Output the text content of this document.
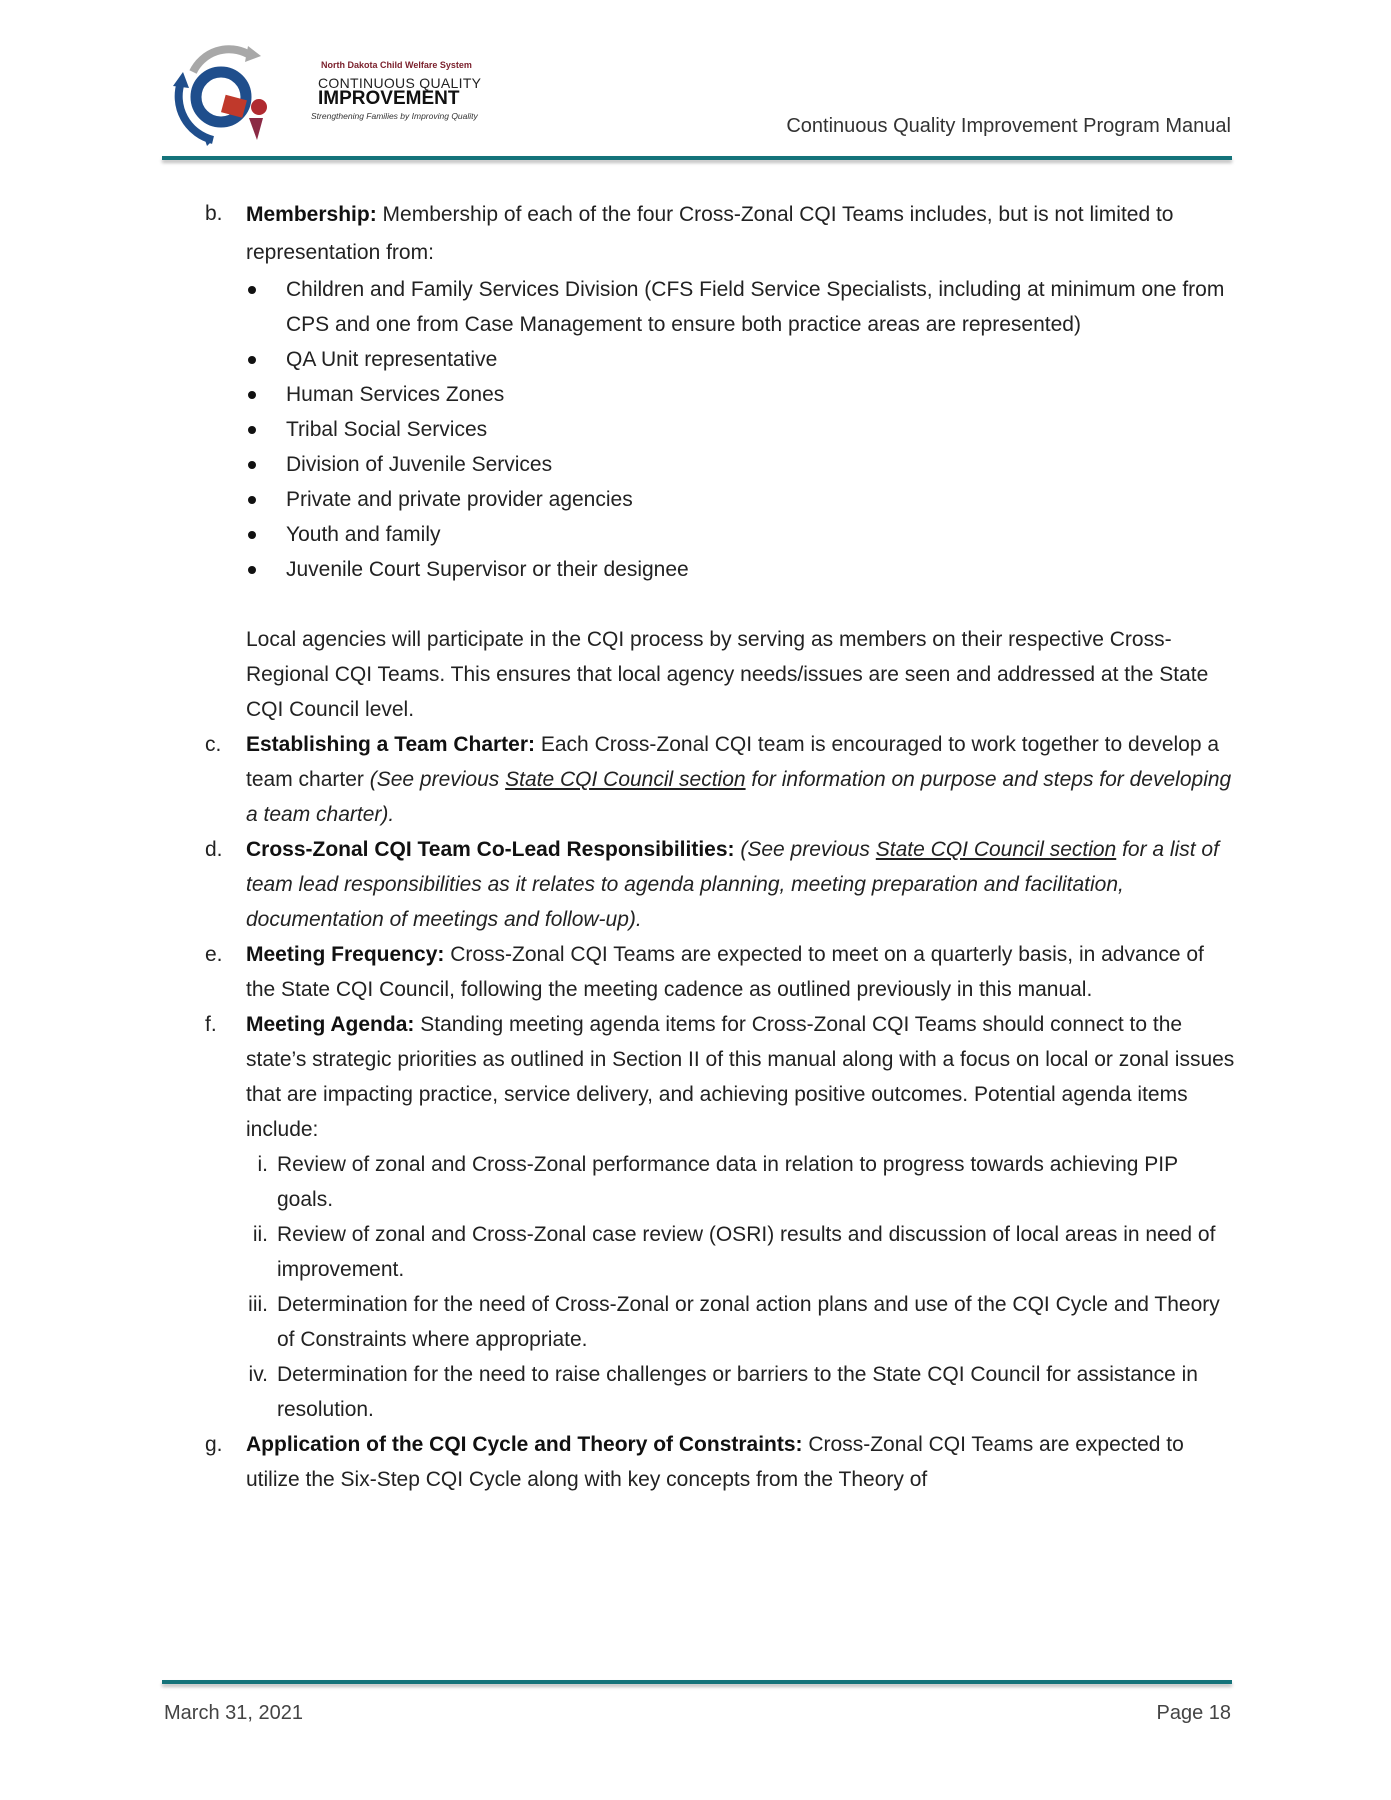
North Dakota Child Welfare System
CONTINUOUS QUALITY
IMPROVEMENT
Strengthening Families by Improving Quality	Continuous Quality Improvement Program Manual
b. Membership: Membership of each of the four Cross-Zonal CQI Teams includes, but is not limited to representation from:
Children and Family Services Division (CFS Field Service Specialists, including at minimum one from CPS and one from Case Management to ensure both practice areas are represented)
QA Unit representative
Human Services Zones
Tribal Social Services
Division of Juvenile Services
Private and private provider agencies
Youth and family
Juvenile Court Supervisor or their designee
Local agencies will participate in the CQI process by serving as members on their respective Cross-Regional CQI Teams. This ensures that local agency needs/issues are seen and addressed at the State CQI Council level.
c. Establishing a Team Charter: Each Cross-Zonal CQI team is encouraged to work together to develop a team charter (See previous State CQI Council section for information on purpose and steps for developing a team charter).
d. Cross-Zonal CQI Team Co-Lead Responsibilities: (See previous State CQI Council section for a list of team lead responsibilities as it relates to agenda planning, meeting preparation and facilitation, documentation of meetings and follow-up).
e. Meeting Frequency: Cross-Zonal CQI Teams are expected to meet on a quarterly basis, in advance of the State CQI Council, following the meeting cadence as outlined previously in this manual.
f. Meeting Agenda: Standing meeting agenda items for Cross-Zonal CQI Teams should connect to the state’s strategic priorities as outlined in Section II of this manual along with a focus on local or zonal issues that are impacting practice, service delivery, and achieving positive outcomes. Potential agenda items include:
i. Review of zonal and Cross-Zonal performance data in relation to progress towards achieving PIP goals.
ii. Review of zonal and Cross-Zonal case review (OSRI) results and discussion of local areas in need of improvement.
iii. Determination for the need of Cross-Zonal or zonal action plans and use of the CQI Cycle and Theory of Constraints where appropriate.
iv. Determination for the need to raise challenges or barriers to the State CQI Council for assistance in resolution.
g. Application of the CQI Cycle and Theory of Constraints: Cross-Zonal CQI Teams are expected to utilize the Six-Step CQI Cycle along with key concepts from the Theory of
March 31, 2021	Page 18
